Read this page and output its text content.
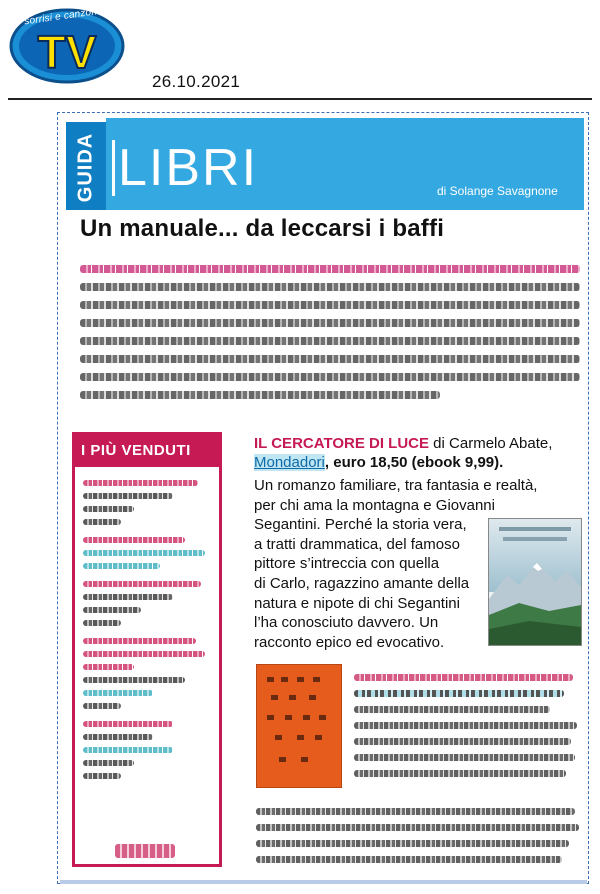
TV
sorrisi e canzoni
26.10.2021
GUIDA LIBRI	di Solange Savagnone
Un manuale... da leccarsi i baffi
I PIÙ VENDUTI	IL CERCATORE DI LUCE di Carmelo Abate,
Mondadori, euro 18,50 (ebook 9,99).
Un romanzo familiare, tra fantasia e realtà,
per chi ama la montagna e Giovanni
Segantini. Perché la storia vera,
a tratti drammatica, del famoso
pittore s’intreccia con quella
di Carlo, ragazzino amante della
natura e nipote di chi Segantini
l’ha conosciuto davvero. Un
racconto epico ed evocativo.
